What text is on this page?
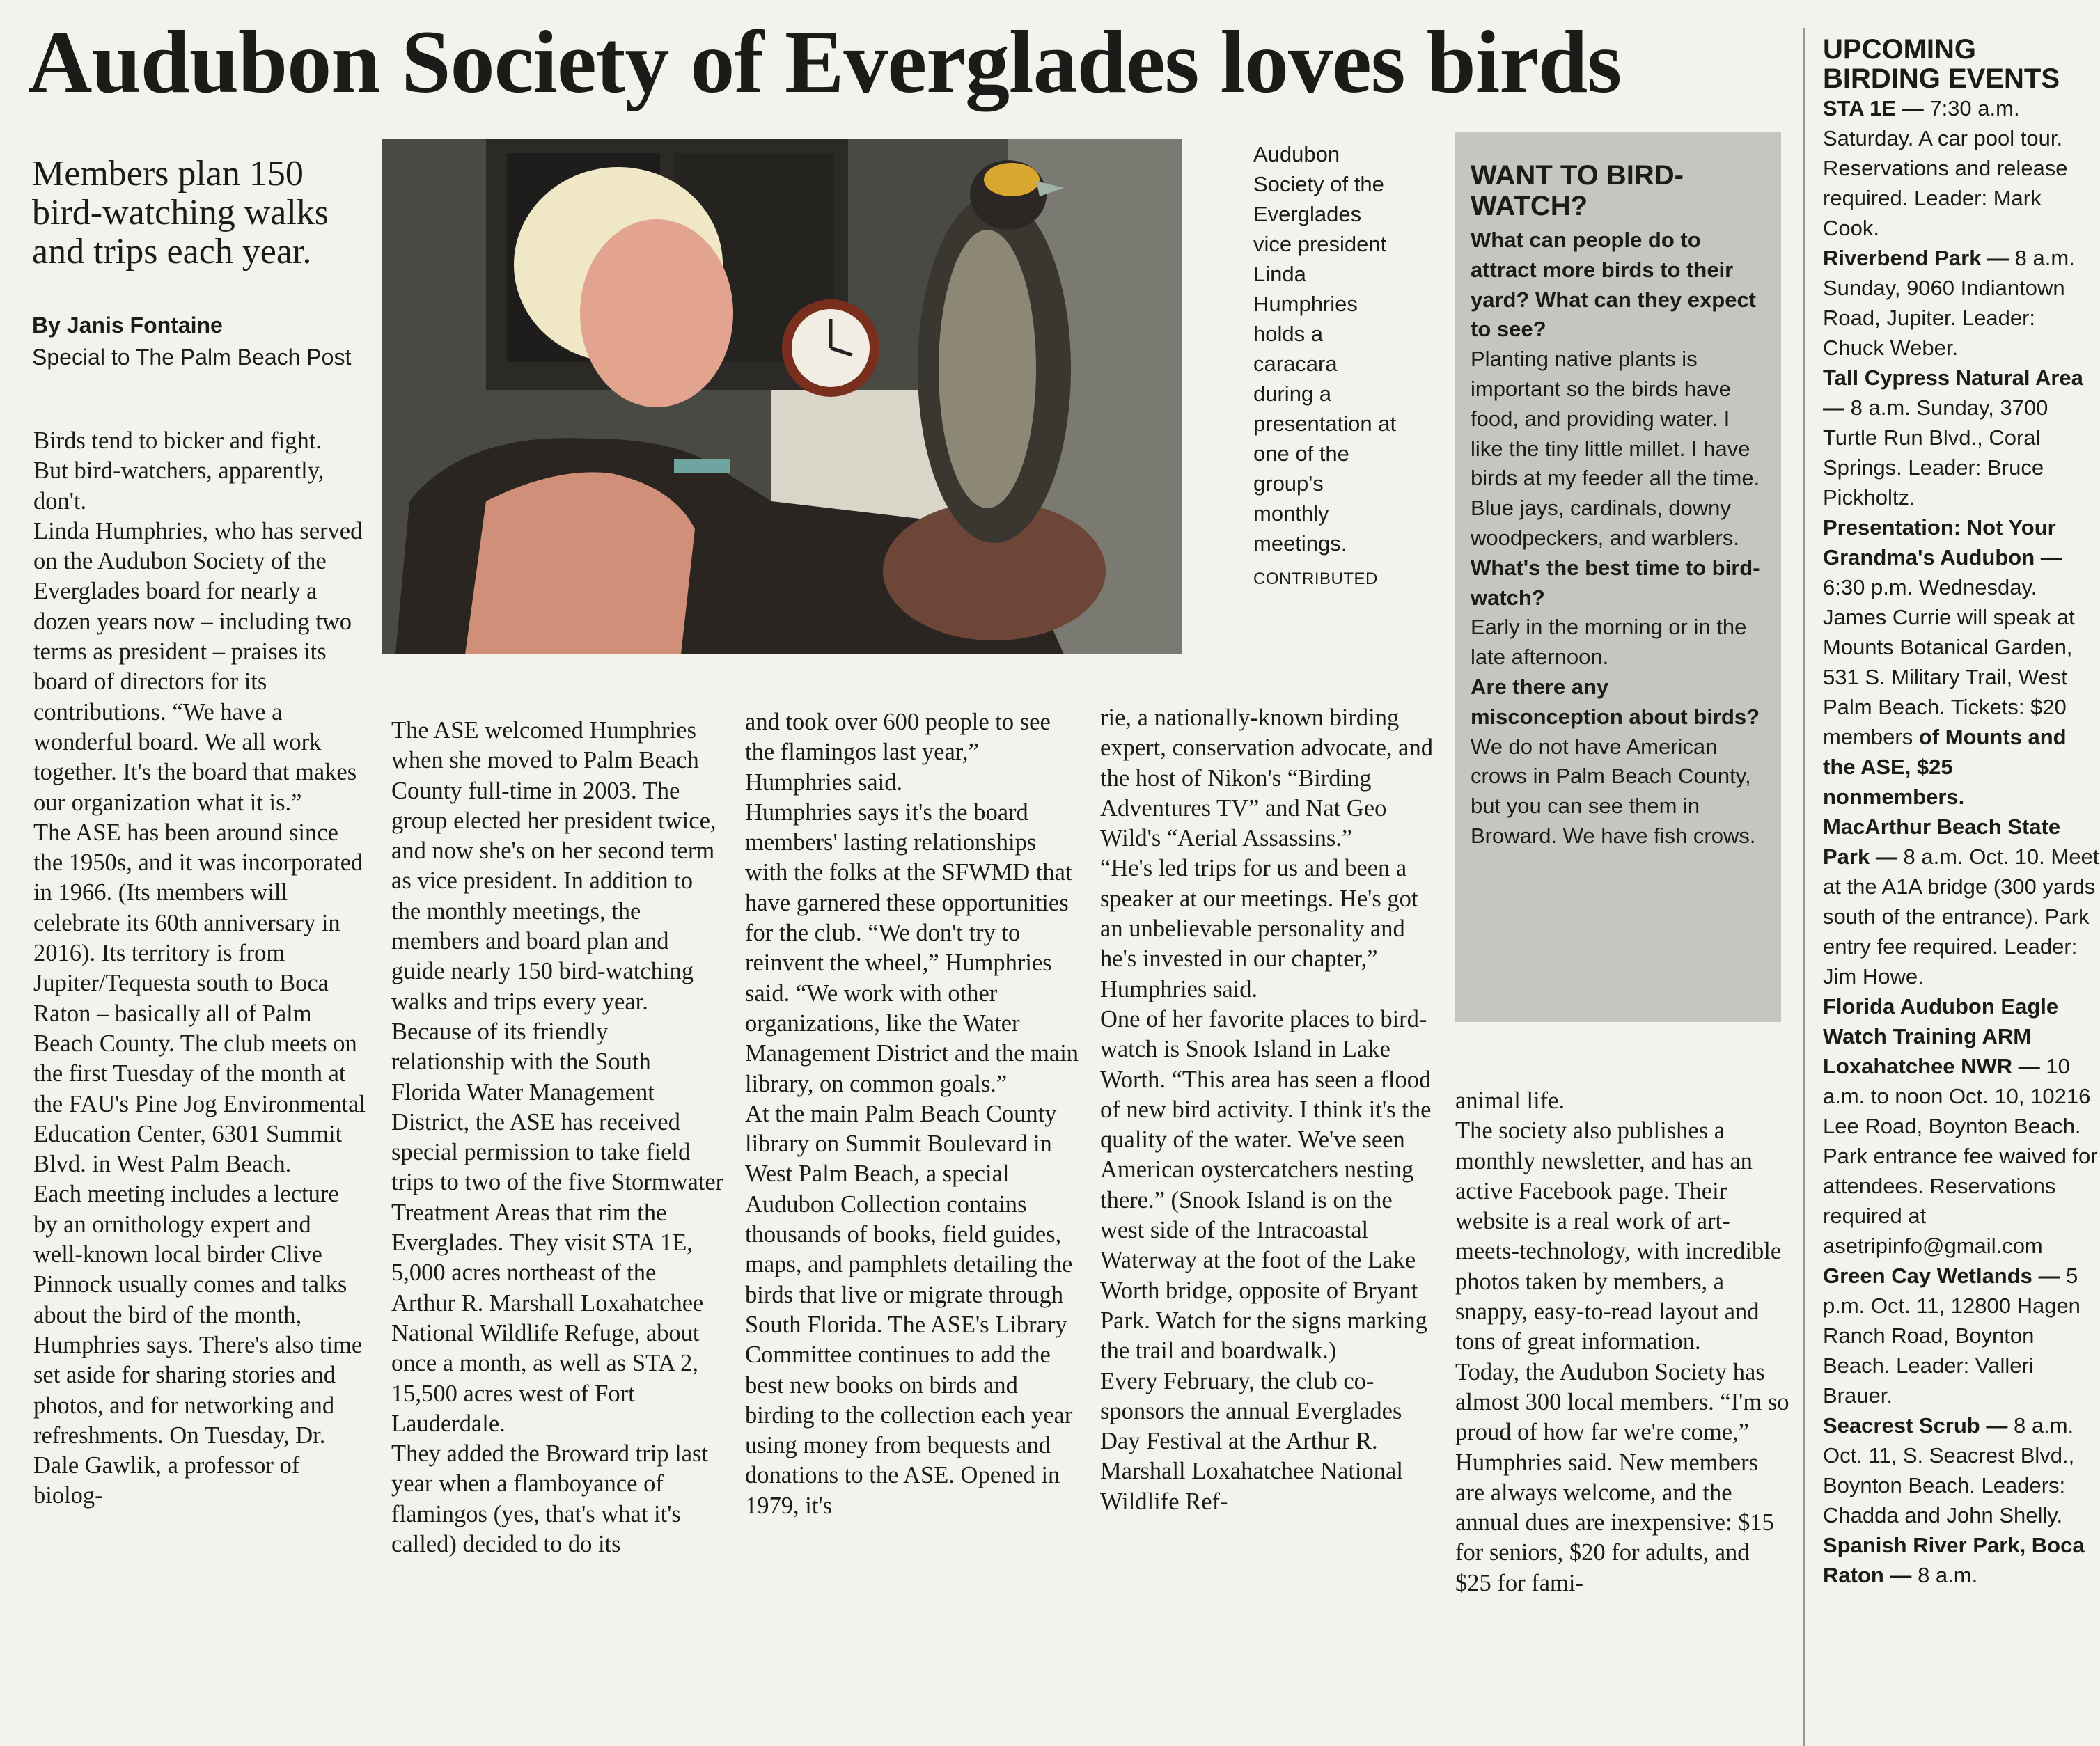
Audubon Society of Everglades loves birds
Members plan 150 bird-watching walks and trips each year.
By Janis Fontaine
Special to The Palm Beach Post
Audubon Society of the Everglades vice president Linda Humphries holds a caracara during a presentation at one of the group's monthly meetings.
CONTRIBUTED
Birds tend to bicker and fight.
But bird-watchers, apparently, don't.
Linda Humphries, who has served on the Audubon Society of the Everglades board for nearly a dozen years now – including two terms as president – praises its board of directors for its contributions. “We have a wonderful board. We all work together. It's the board that makes our organization what it is.”
The ASE has been around since the 1950s, and it was incorporated in 1966. (Its members will celebrate its 60th anniversary in 2016). Its territory is from Jupiter/Tequesta south to Boca Raton – basically all of Palm Beach County. The club meets on the first Tuesday of the month at the FAU's Pine Jog Environmental Education Center, 6301 Summit Blvd. in West Palm Beach.
Each meeting includes a lecture by an ornithology expert and well-known local birder Clive Pinnock usually comes and talks about the bird of the month, Humphries says. There's also time set aside for sharing stories and photos, and for networking and refreshments. On Tuesday, Dr. Dale Gawlik, a professor of biolog-
The ASE welcomed Humphries when she moved to Palm Beach County full-time in 2003. The group elected her president twice, and now she's on her second term as vice president. In addition to the monthly meetings, the members and board plan and guide nearly 150 bird-watching walks and trips every year.
Because of its friendly relationship with the South Florida Water Management District, the ASE has received special permission to take field trips to two of the five Stormwater Treatment Areas that rim the Everglades. They visit STA 1E, 5,000 acres northeast of the Arthur R. Marshall Loxahatchee National Wildlife Refuge, about once a month, as well as STA 2, 15,500 acres west of Fort Lauderdale.
They added the Broward trip last year when a flamboyance of flamingos (yes, that's what it's called) decided to do its
and took over 600 people to see the flamingos last year,” Humphries said.
Humphries says it's the board members' lasting relationships with the folks at the SFWMD that have garnered these opportunities for the club. “We don't try to reinvent the wheel,” Humphries said. “We work with other organizations, like the Water Management District and the main library, on common goals.”
At the main Palm Beach County library on Summit Boulevard in West Palm Beach, a special Audubon Collection contains thousands of books, field guides, maps, and pamphlets detailing the birds that live or migrate through South Florida. The ASE's Library Committee continues to add the best new books on birds and birding to the collection each year using money from bequests and donations to the ASE. Opened in 1979, it's
rie, a nationally-known birding expert, conservation advocate, and the host of Nikon's “Birding Adventures TV” and Nat Geo Wild's “Aerial Assassins.”
“He's led trips for us and been a speaker at our meetings. He's got an unbelievable personality and he's invested in our chapter,” Humphries said.
One of her favorite places to bird-watch is Snook Island in Lake Worth. “This area has seen a flood of new bird activity. I think it's the quality of the water. We've seen American oystercatchers nesting there.” (Snook Island is on the west side of the Intracoastal Waterway at the foot of the Lake Worth bridge, opposite of Bryant Park. Watch for the signs marking the trail and boardwalk.)
Every February, the club co-sponsors the annual Everglades Day Festival at the Arthur R. Marshall Loxahatchee National Wildlife Ref-
animal life.
The society also publishes a monthly newsletter, and has an active Facebook page. Their website is a real work of art-meets-technology, with incredible photos taken by members, a snappy, easy-to-read layout and tons of great information.
Today, the Audubon Society has almost 300 local members. “I'm so proud of how far we're come,” Humphries said. New members are always welcome, and the annual dues are inexpensive: $15 for seniors, $20 for adults, and $25 for fami-
WANT TO BIRD-WATCH?
What can people do to attract more birds to their yard? What can they expect to see?
Planting native plants is important so the birds have food, and providing water. I like the tiny little millet. I have birds at my feeder all the time. Blue jays, cardinals, downy woodpeckers, and warblers.
What's the best time to bird-watch?
Early in the morning or in the late afternoon.
Are there any misconception about birds?
We do not have American crows in Palm Beach County, but you can see them in Broward. We have fish crows.
UPCOMING BIRDING EVENTS
STA 1E — 7:30 a.m. Saturday. A car pool tour. Reservations and release required. Leader: Mark Cook.
Riverbend Park — 8 a.m. Sunday, 9060 Indiantown Road, Jupiter. Leader: Chuck Weber.
Tall Cypress Natural Area — 8 a.m. Sunday, 3700 Turtle Run Blvd., Coral Springs. Leader: Bruce Pickholtz.
Presentation: Not Your Grandma's Audubon — 6:30 p.m. Wednesday. James Currie will speak at Mounts Botanical Garden, 531 S. Military Trail, West Palm Beach. Tickets: $20 members of Mounts and the ASE, $25 nonmembers.
MacArthur Beach State Park — 8 a.m. Oct. 10. Meet at the A1A bridge (300 yards south of the entrance). Park entry fee required. Leader: Jim Howe.
Florida Audubon Eagle Watch Training ARM Loxahatchee NWR — 10 a.m. to noon Oct. 10, 10216 Lee Road, Boynton Beach. Park entrance fee waived for attendees. Reservations required at asetripinfo@gmail.com
Green Cay Wetlands — 5 p.m. Oct. 11, 12800 Hagen Ranch Road, Boynton Beach. Leader: Valleri Brauer.
Seacrest Scrub — 8 a.m. Oct. 11, S. Seacrest Blvd., Boynton Beach. Leaders: Chadda and John Shelly.
Spanish River Park, Boca Raton — 8 a.m.
